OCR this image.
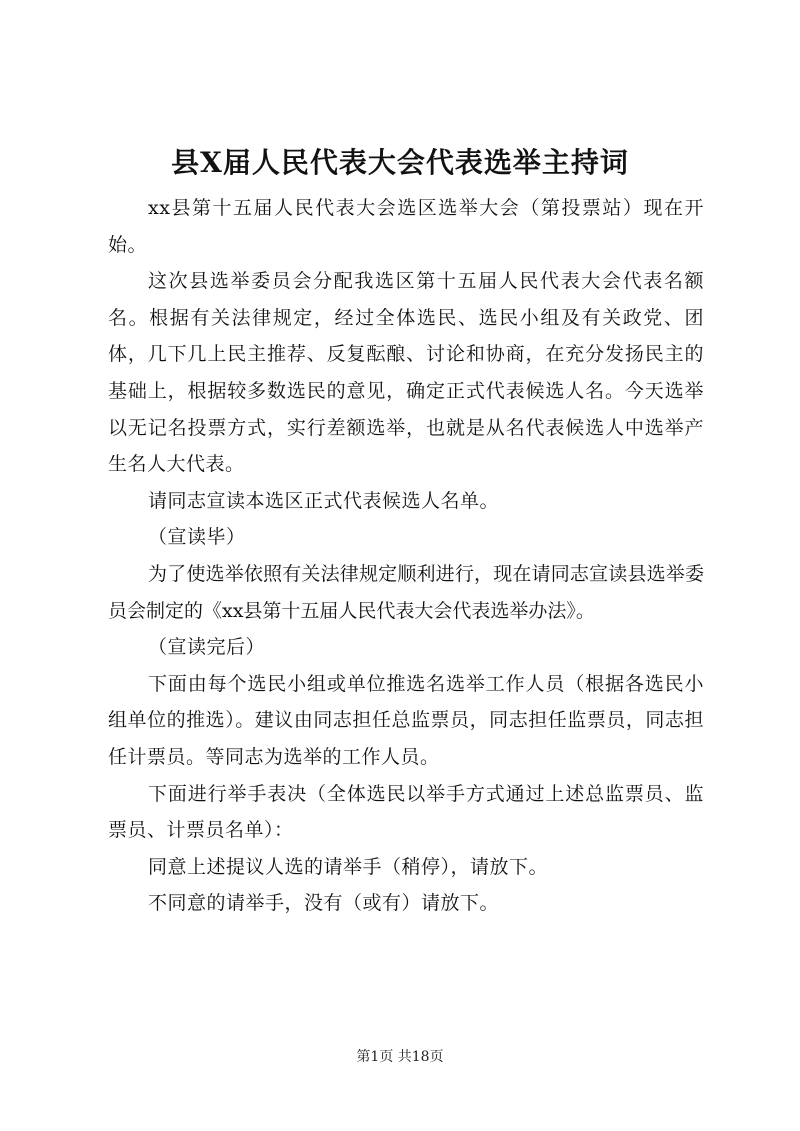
县X届人民代表大会代表选举主持词

xx县第十五届人民代表大会选区选举大会（第投票站）现在开始。

这次县选举委员会分配我选区第十五届人民代表大会代表名额名。根据有关法律规定，经过全体选民、选民小组及有关政党、团体，几下几上民主推荐、反复酝酿、讨论和协商，在充分发扬民主的基础上，根据较多数选民的意见，确定正式代表候选人名。今天选举以无记名投票方式，实行差额选举，也就是从名代表候选人中选举产生名人大代表。

请同志宣读本选区正式代表候选人名单。

（宣读毕）

为了使选举依照有关法律规定顺利进行，现在请同志宣读县选举委员会制定的《xx县第十五届人民代表大会代表选举办法》。

（宣读完后）

下面由每个选民小组或单位推选名选举工作人员（根据各选民小组单位的推选）。建议由同志担任总监票员，同志担任监票员，同志担任计票员。等同志为选举的工作人员。

下面进行举手表决（全体选民以举手方式通过上述总监票员、监票员、计票员名单）：

同意上述提议人选的请举手（稍停），请放下。

不同意的请举手，没有（或有）请放下。

第1页 共18页
